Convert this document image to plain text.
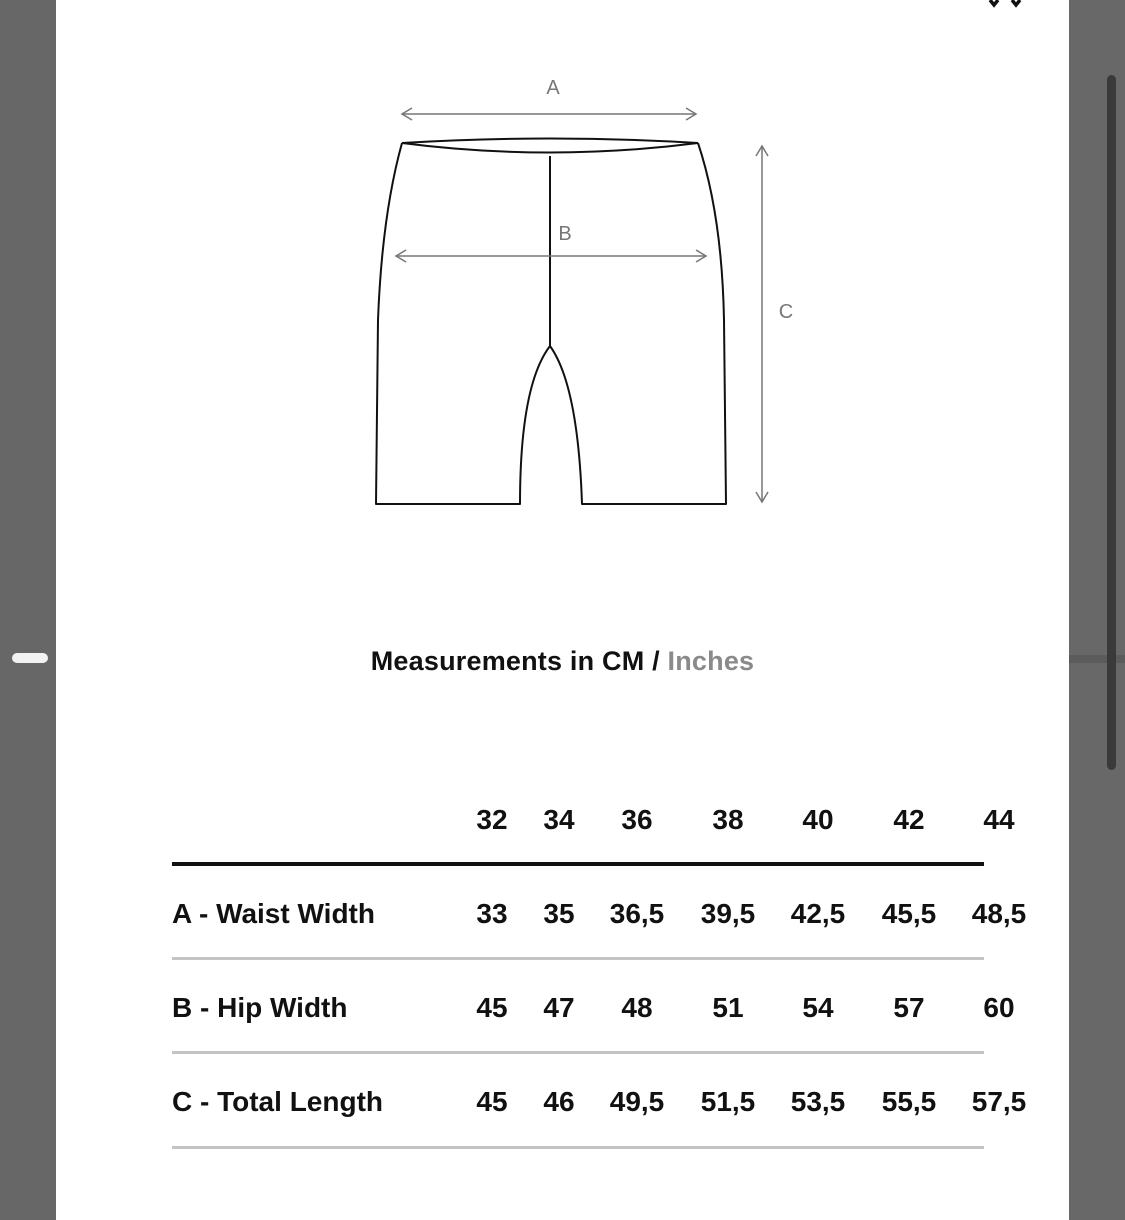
A
B
C
Measurements in CM / Inches
32 34 36 38 40 42 44
A - Waist Width	33 35 36,5 39,5 42,5 45,5 48,5
B - Hip Width	45 47 48 51 54 57 60
C - Total Length	45 46 49,5 51,5 53,5 55,5 57,5
